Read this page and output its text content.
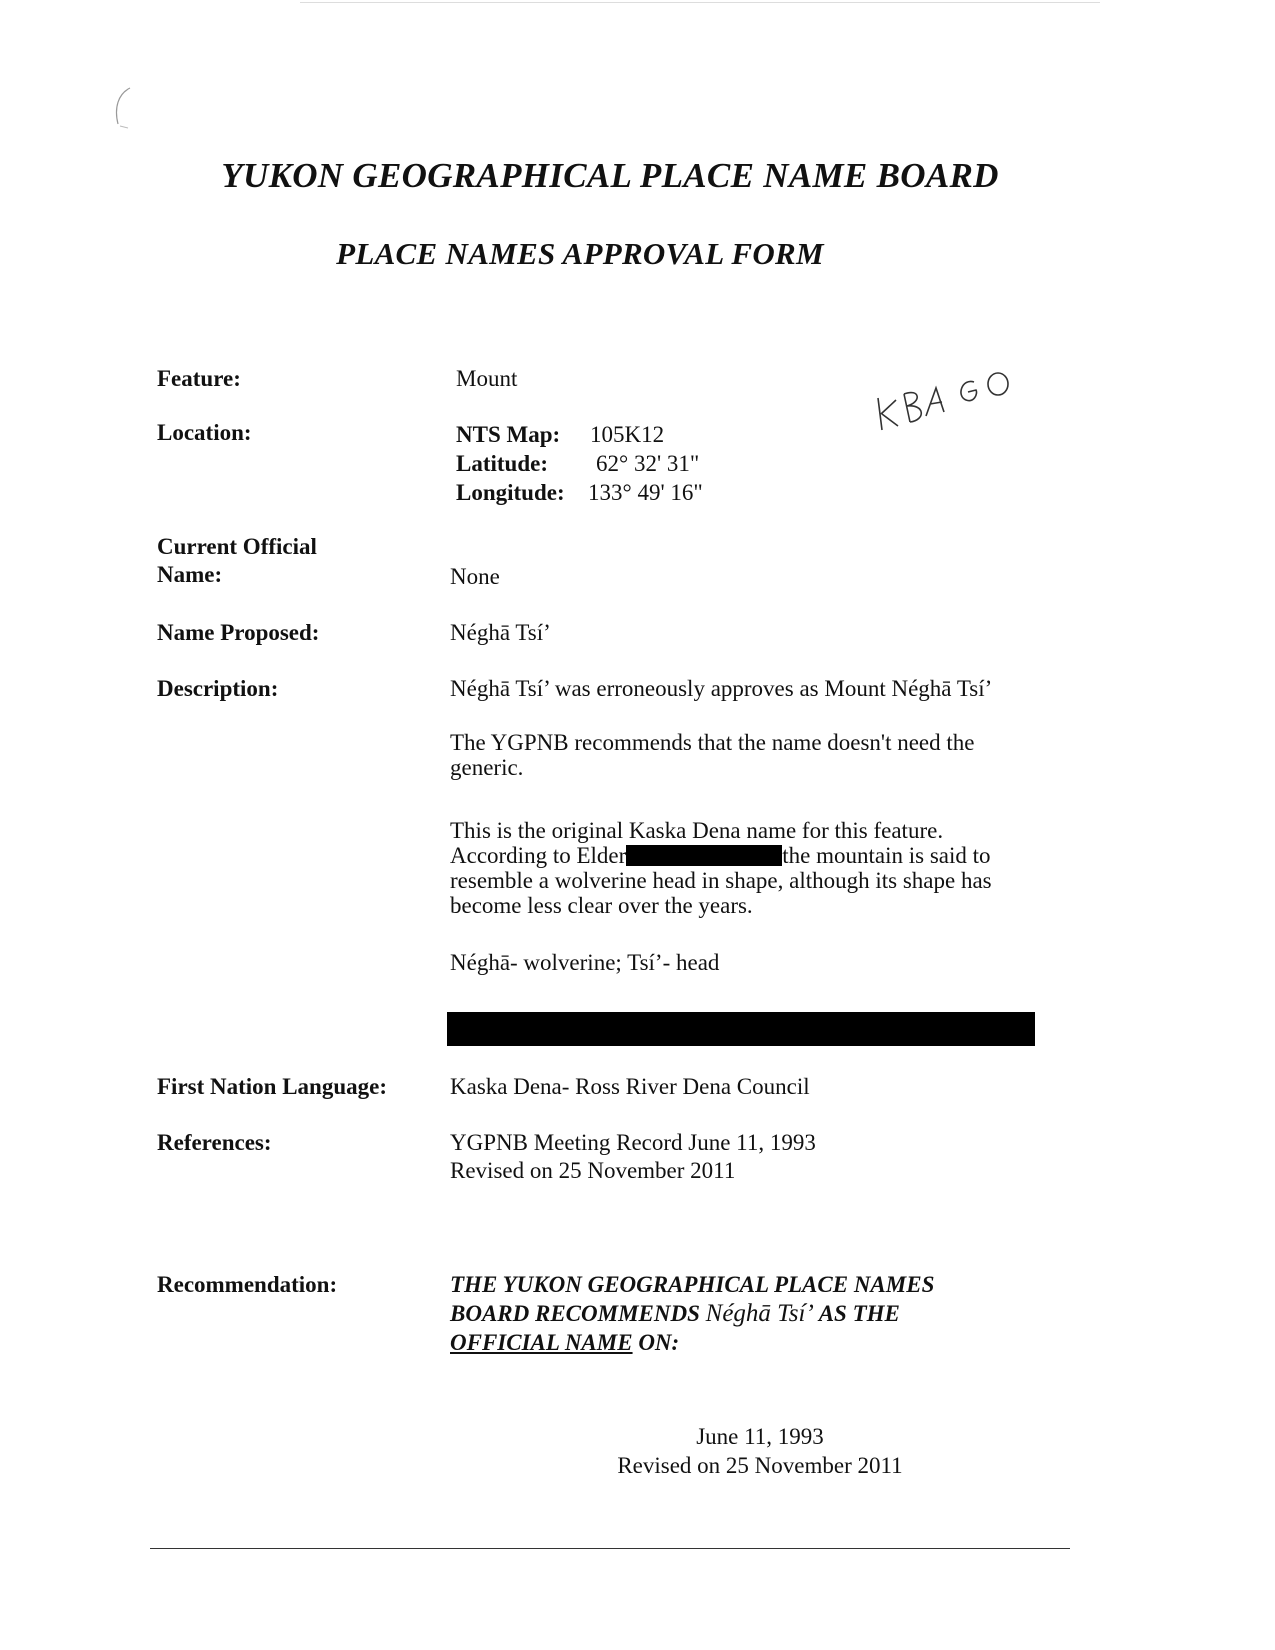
YUKON GEOGRAPHICAL PLACE NAME BOARD
PLACE NAMES APPROVAL FORM
Feature:	Mount
Location:	NTS Map: 105K12
Latitude: 62° 32' 31"
Longitude: 133° 49' 16"
Current Official
Name:	None
Name Proposed:	Néghā Tsí’
Description:	Néghā Tsí’ was erroneously approves as Mount Néghā Tsí’
The YGPNB recommends that the name doesn't need the generic.
This is the original Kaska Dena name for this feature.
According to Elder	the mountain is said to resemble a wolverine head in shape, although its shape has become less clear over the years.
Néghā- wolverine; Tsí’- head
First Nation Language:	Kaska Dena- Ross River Dena Council
References:	YGPNB Meeting Record June 11, 1993
Revised on 25 November 2011
Recommendation:	THE YUKON GEOGRAPHICAL PLACE NAMES
BOARD RECOMMENDS Néghā Tsí’ AS THE
OFFICIAL NAME ON:
June 11, 1993
Revised on 25 November 2011
